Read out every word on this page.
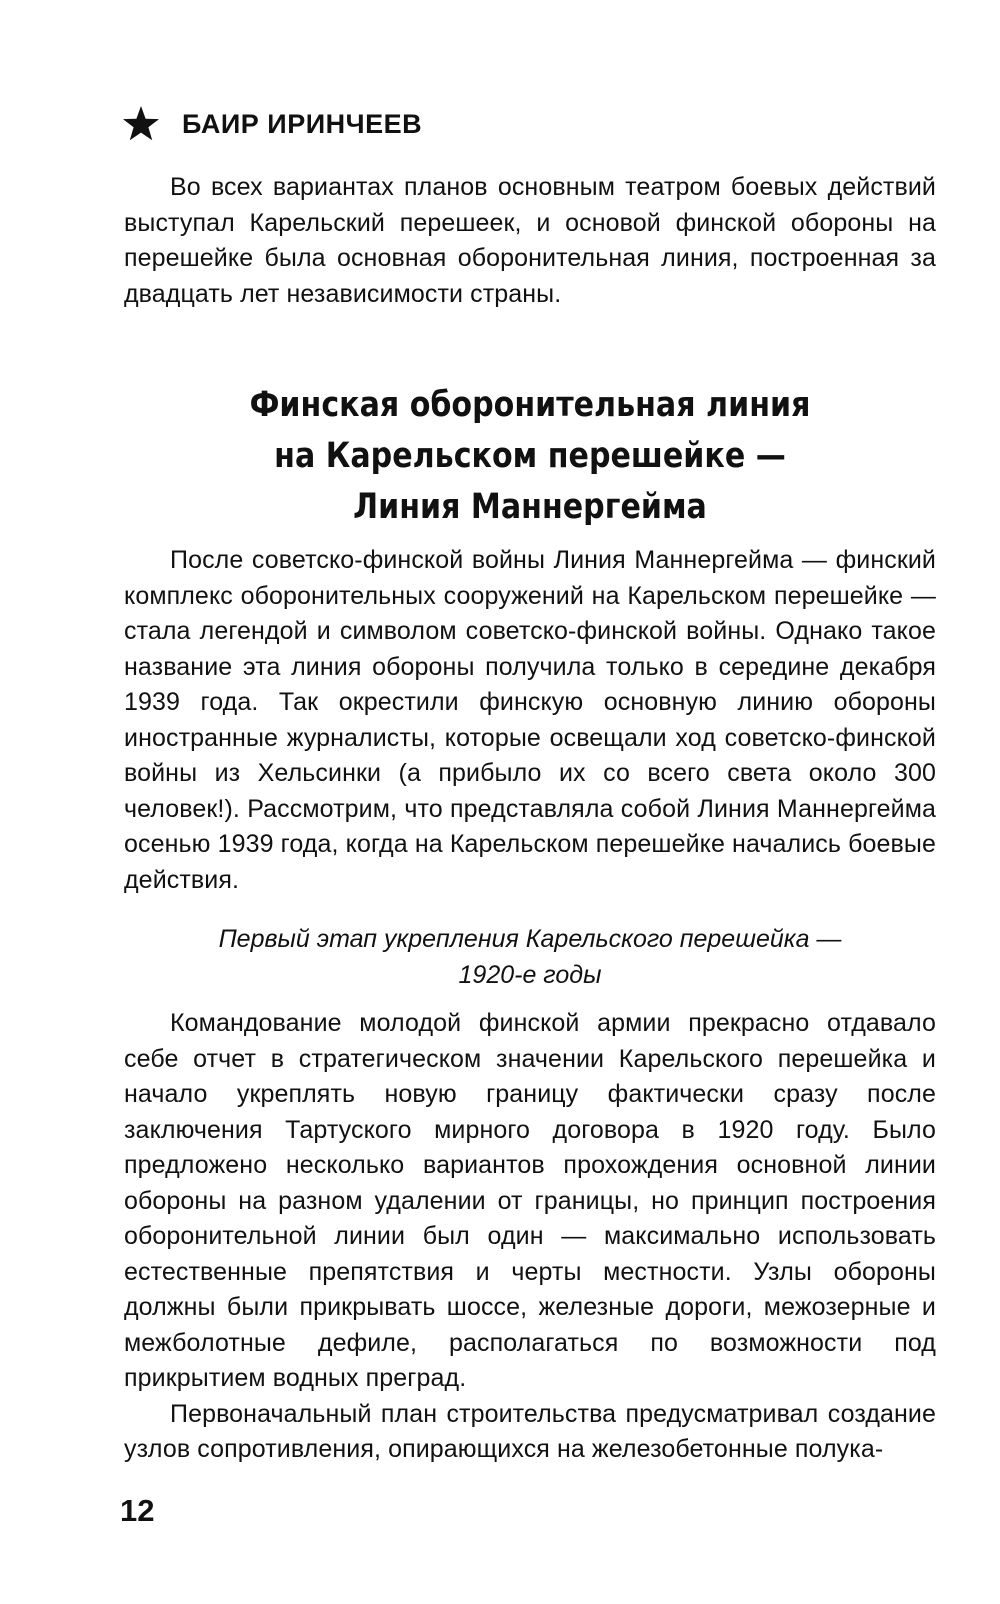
БАИР ИРИНЧЕЕВ

Во всех вариантах планов основным театром боевых действий выступал Карельский перешеек, и основой финской обороны на перешейке была основная оборонительная линия, построенная за двадцать лет независимости страны.

Финская оборонительная линия
на Карельском перешейке —
Линия Маннергейма

После советско-финской войны Линия Маннергейма — финский комплекс оборонительных сооружений на Карельском перешейке — стала легендой и символом советско-финской войны. Однако такое название эта линия обороны получила только в середине декабря 1939 года. Так окрестили финскую основную линию обороны иностранные журналисты, которые освещали ход советско-финской войны из Хельсинки (а прибыло их со всего света около 300 человек!). Рассмотрим, что представляла собой Линия Маннергейма осенью 1939 года, когда на Карельском перешейке начались боевые действия.

Первый этап укрепления Карельского перешейка —
1920-е годы

Командование молодой финской армии прекрасно отдавало себе отчет в стратегическом значении Карельского перешейка и начало укреплять новую границу фактически сразу после заключения Тартуского мирного договора в 1920 году. Было предложено несколько вариантов прохождения основной линии обороны на разном удалении от границы, но принцип построения оборонительной линии был один — максимально использовать естественные препятствия и черты местности. Узлы обороны должны были прикрывать шоссе, железные дороги, межозерные и межболотные дефиле, располагаться по возможности под прикрытием водных преград.

Первоначальный план строительства предусматривал создание узлов сопротивления, опирающихся на железобетонные полука-

12
